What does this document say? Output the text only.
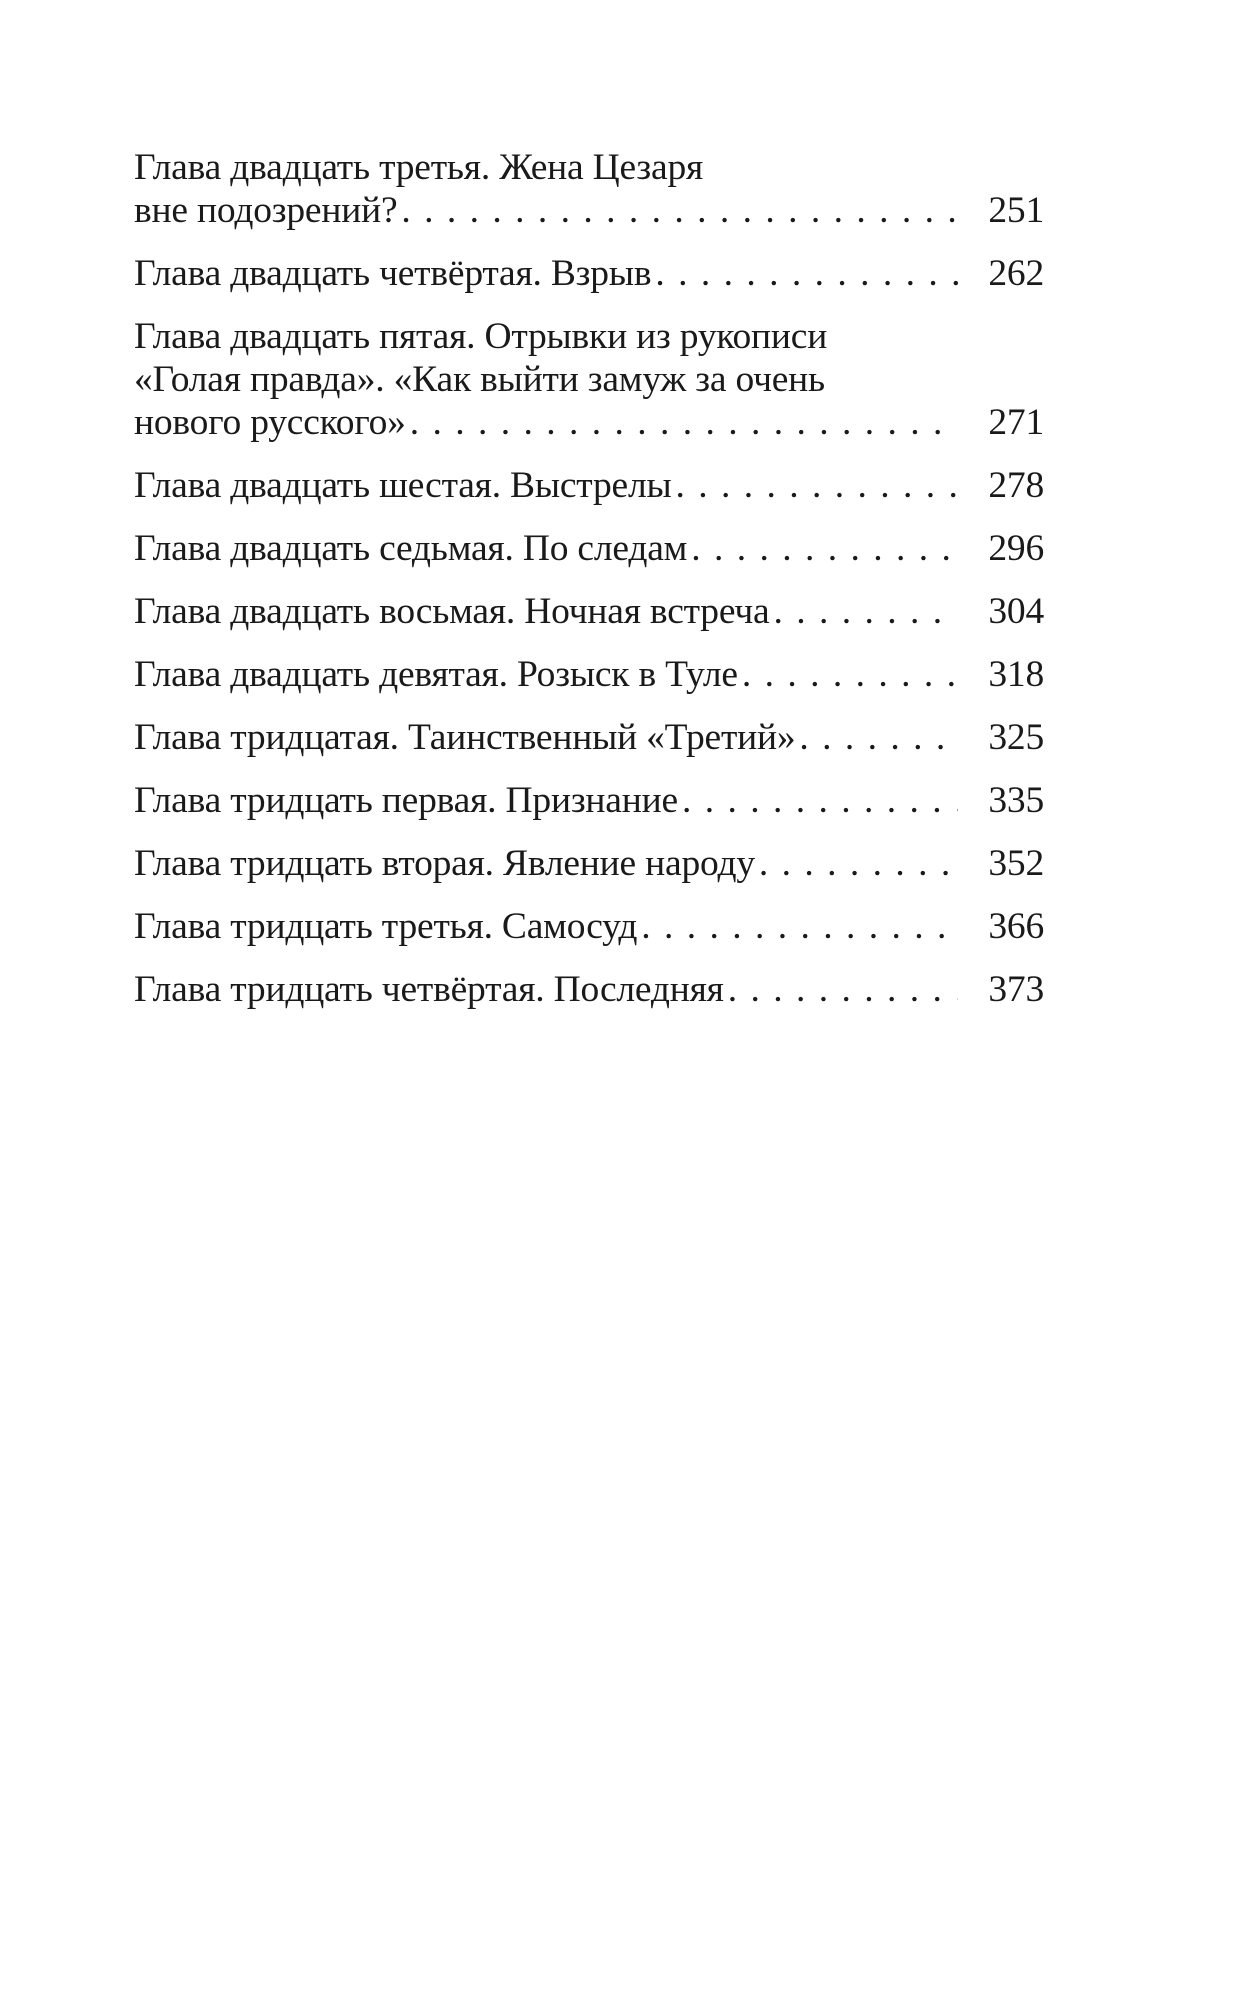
Глава двадцать третья. Жена Цезаря
вне подозрений? . . .	251
Глава двадцать четвёртая. Взрыв . . .	262
Глава двадцать пятая. Отрывки из рукописи
«Голая правда». «Как выйти замуж за очень
нового русского» . . .	271
Глава двадцать шестая. Выстрелы . . .	278
Глава двадцать седьмая. По следам . . .	296
Глава двадцать восьмая. Ночная встреча . . .	304
Глава двадцать девятая. Розыск в Туле . . .	318
Глава тридцатая. Таинственный «Третий» . . .	325
Глава тридцать первая. Признание . . .	335
Глава тридцать вторая. Явление народу . . .	352
Глава тридцать третья. Самосуд . . .	366
Глава тридцать четвёртая. Последняя . . .	373
